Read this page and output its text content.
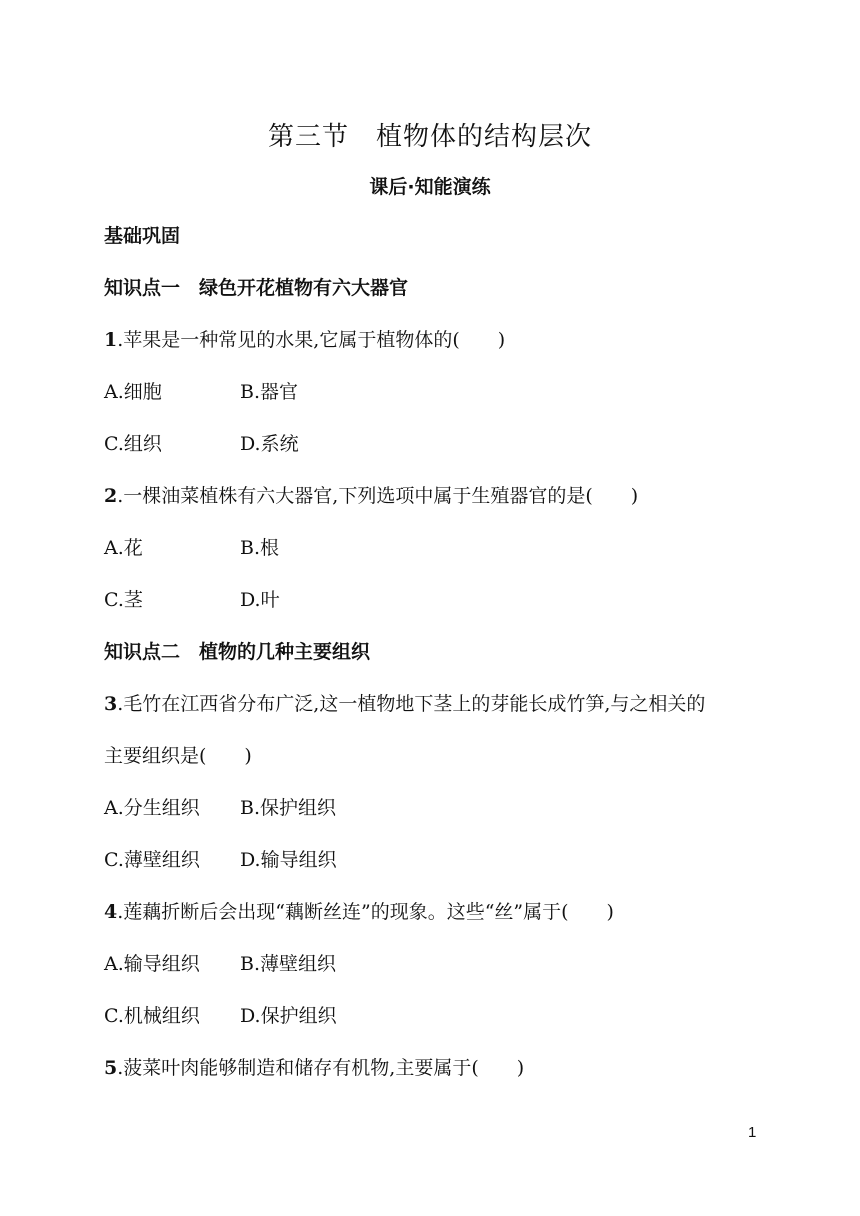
第三节　植物体的结构层次
课后·知能演练
基础巩固
知识点一　绿色开花植物有六大器官
1.苹果是一种常见的水果,它属于植物体的(　　)
A.细胞	B.器官
C.组织	D.系统
2.一棵油菜植株有六大器官,下列选项中属于生殖器官的是(　　)
A.花	B.根
C.茎	D.叶
知识点二　植物的几种主要组织
3.毛竹在江西省分布广泛,这一植物地下茎上的芽能长成竹笋,与之相关的
主要组织是(　　)
A.分生组织 B.保护组织
C.薄壁组织 D.输导组织
4.莲藕折断后会出现“藕断丝连”的现象。这些“丝”属于(　　)
A.输导组织 B.薄壁组织
C.机械组织 D.保护组织
5.菠菜叶肉能够制造和储存有机物,主要属于(　　)
1
